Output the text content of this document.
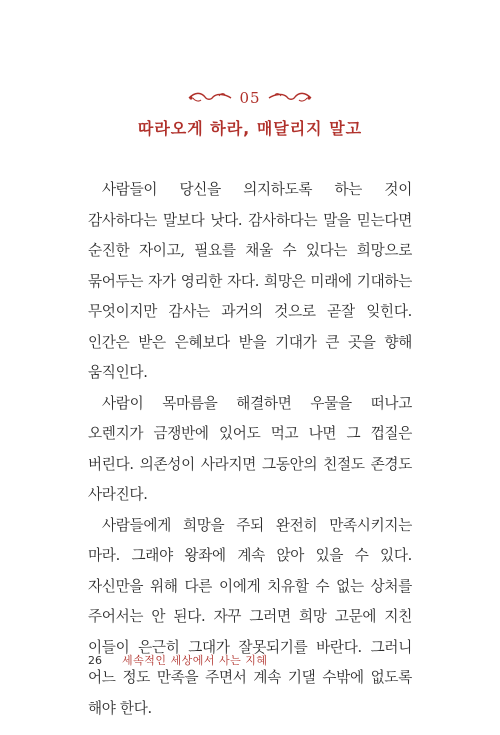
05
따라오게 하라, 매달리지 말고

사람들이 당신을 의지하도록 하는 것이 감사하다는 말보다 낫다. 감사하다는 말을 믿는다면 순진한 자이고, 필요를 채울 수 있다는 희망으로 묶어두는 자가 영리한 자다. 희망은 미래에 기대하는 무엇이지만 감사는 과거의 것으로 곧잘 잊힌다. 인간은 받은 은혜보다 받을 기대가 큰 곳을 향해 움직인다.

사람이 목마름을 해결하면 우물을 떠나고 오렌지가 금쟁반에 있어도 먹고 나면 그 껍질은 버린다. 의존성이 사라지면 그동안의 친절도 존경도 사라진다.

사람들에게 희망을 주되 완전히 만족시키지는 마라. 그래야 왕좌에 계속 앉아 있을 수 있다. 자신만을 위해 다른 이에게 치유할 수 없는 상처를 주어서는 안 된다. 자꾸 그러면 희망 고문에 지친 이들이 은근히 그대가 잘못되기를 바란다. 그러니 어느 정도 만족을 주면서 계속 기댈 수밖에 없도록 해야 한다.

26 세속적인 세상에서 사는 지혜
